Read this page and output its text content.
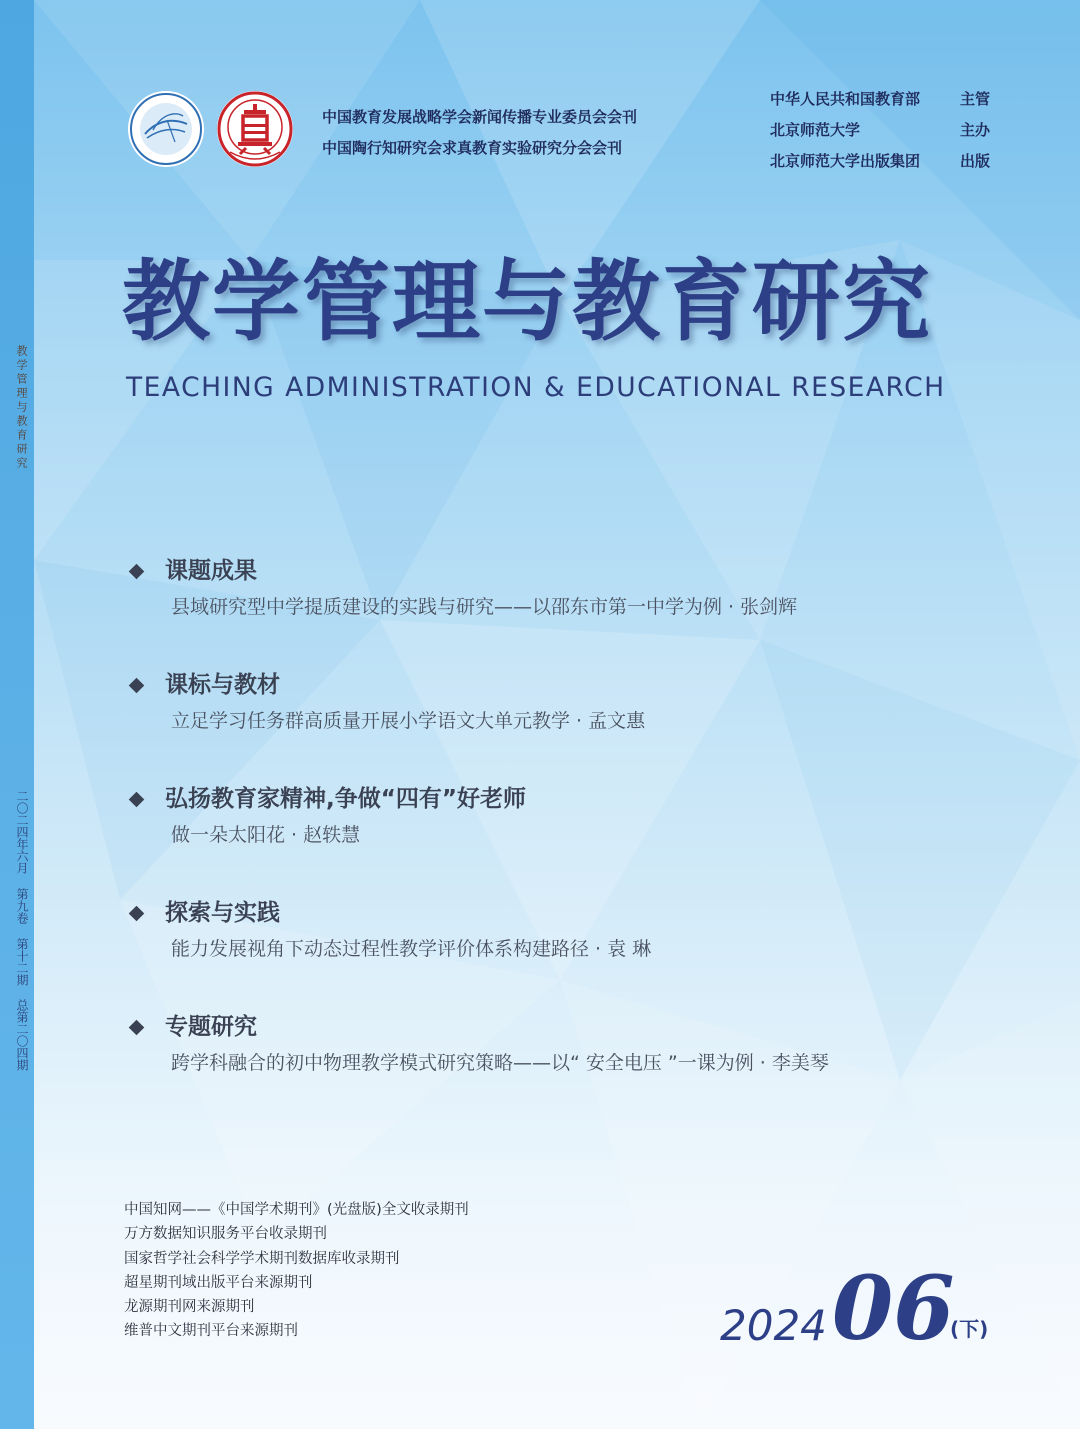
教学管理与教育研究
二〇二四年六月 第九卷 第十二期 总第二〇四期
中国教育发展战略学会新闻传播专业委员会会刊
中国陶行知研究会求真教育实验研究分会会刊
中华人民共和国教育部	主管
北京师范大学	主办
北京师范大学出版集团	出版
教学管理与教育研究
TEACHING ADMINISTRATION & EDUCATIONAL RESEARCH
课题成果
县域研究型中学提质建设的实践与研究——以邵东市第一中学为例 · 张剑辉
课标与教材
立足学习任务群高质量开展小学语文大单元教学 · 孟文惠
弘扬教育家精神,争做“四有”好老师
做一朵太阳花 · 赵轶慧
探索与实践
能力发展视角下动态过程性教学评价体系构建路径 · 袁 琳
专题研究
跨学科融合的初中物理教学模式研究策略——以“ 安全电压 ”一课为例 · 李美琴
中国知网——《中国学术期刊》(光盘版)全文收录期刊
万方数据知识服务平台收录期刊
国家哲学社会科学学术期刊数据库收录期刊
超星期刊域出版平台来源期刊
龙源期刊网来源期刊
维普中文期刊平台来源期刊	2024 06
(下)
